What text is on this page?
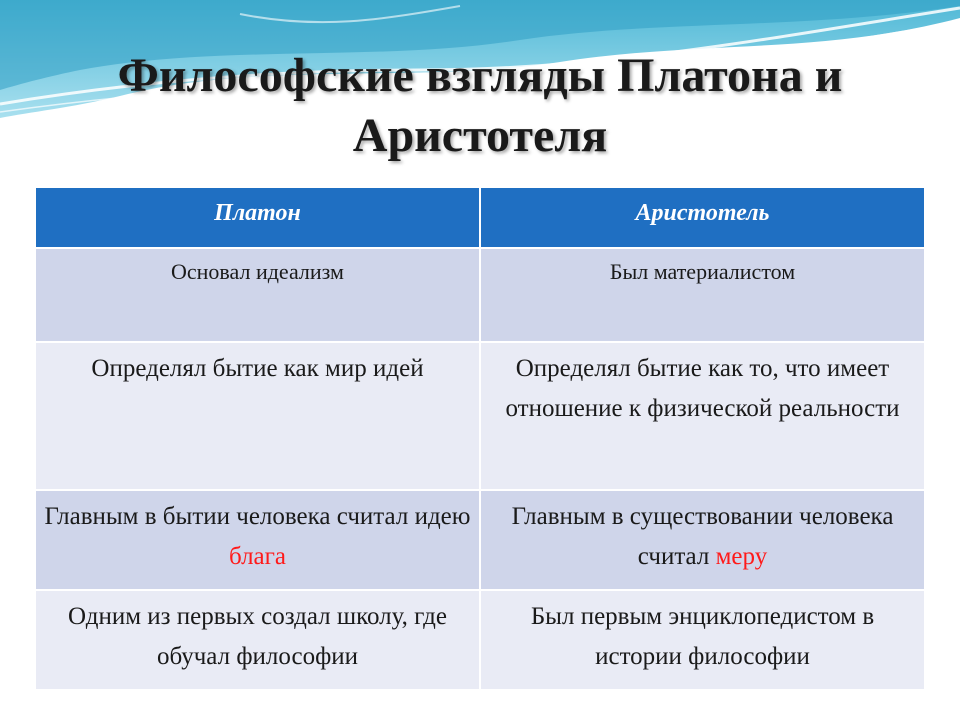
Философские взгляды Платона и Аристотеля
Платон	Аристотель
Основал идеализм	Был материалистом
Определял бытие как мир идей	Определял бытие как то, что имеет отношение к физической реальности
Главным в бытии человека считал идею блага	Главным в существовании человека считал меру
Одним из первых создал школу, где обучал философии	Был первым энциклопедистом в истории философии
